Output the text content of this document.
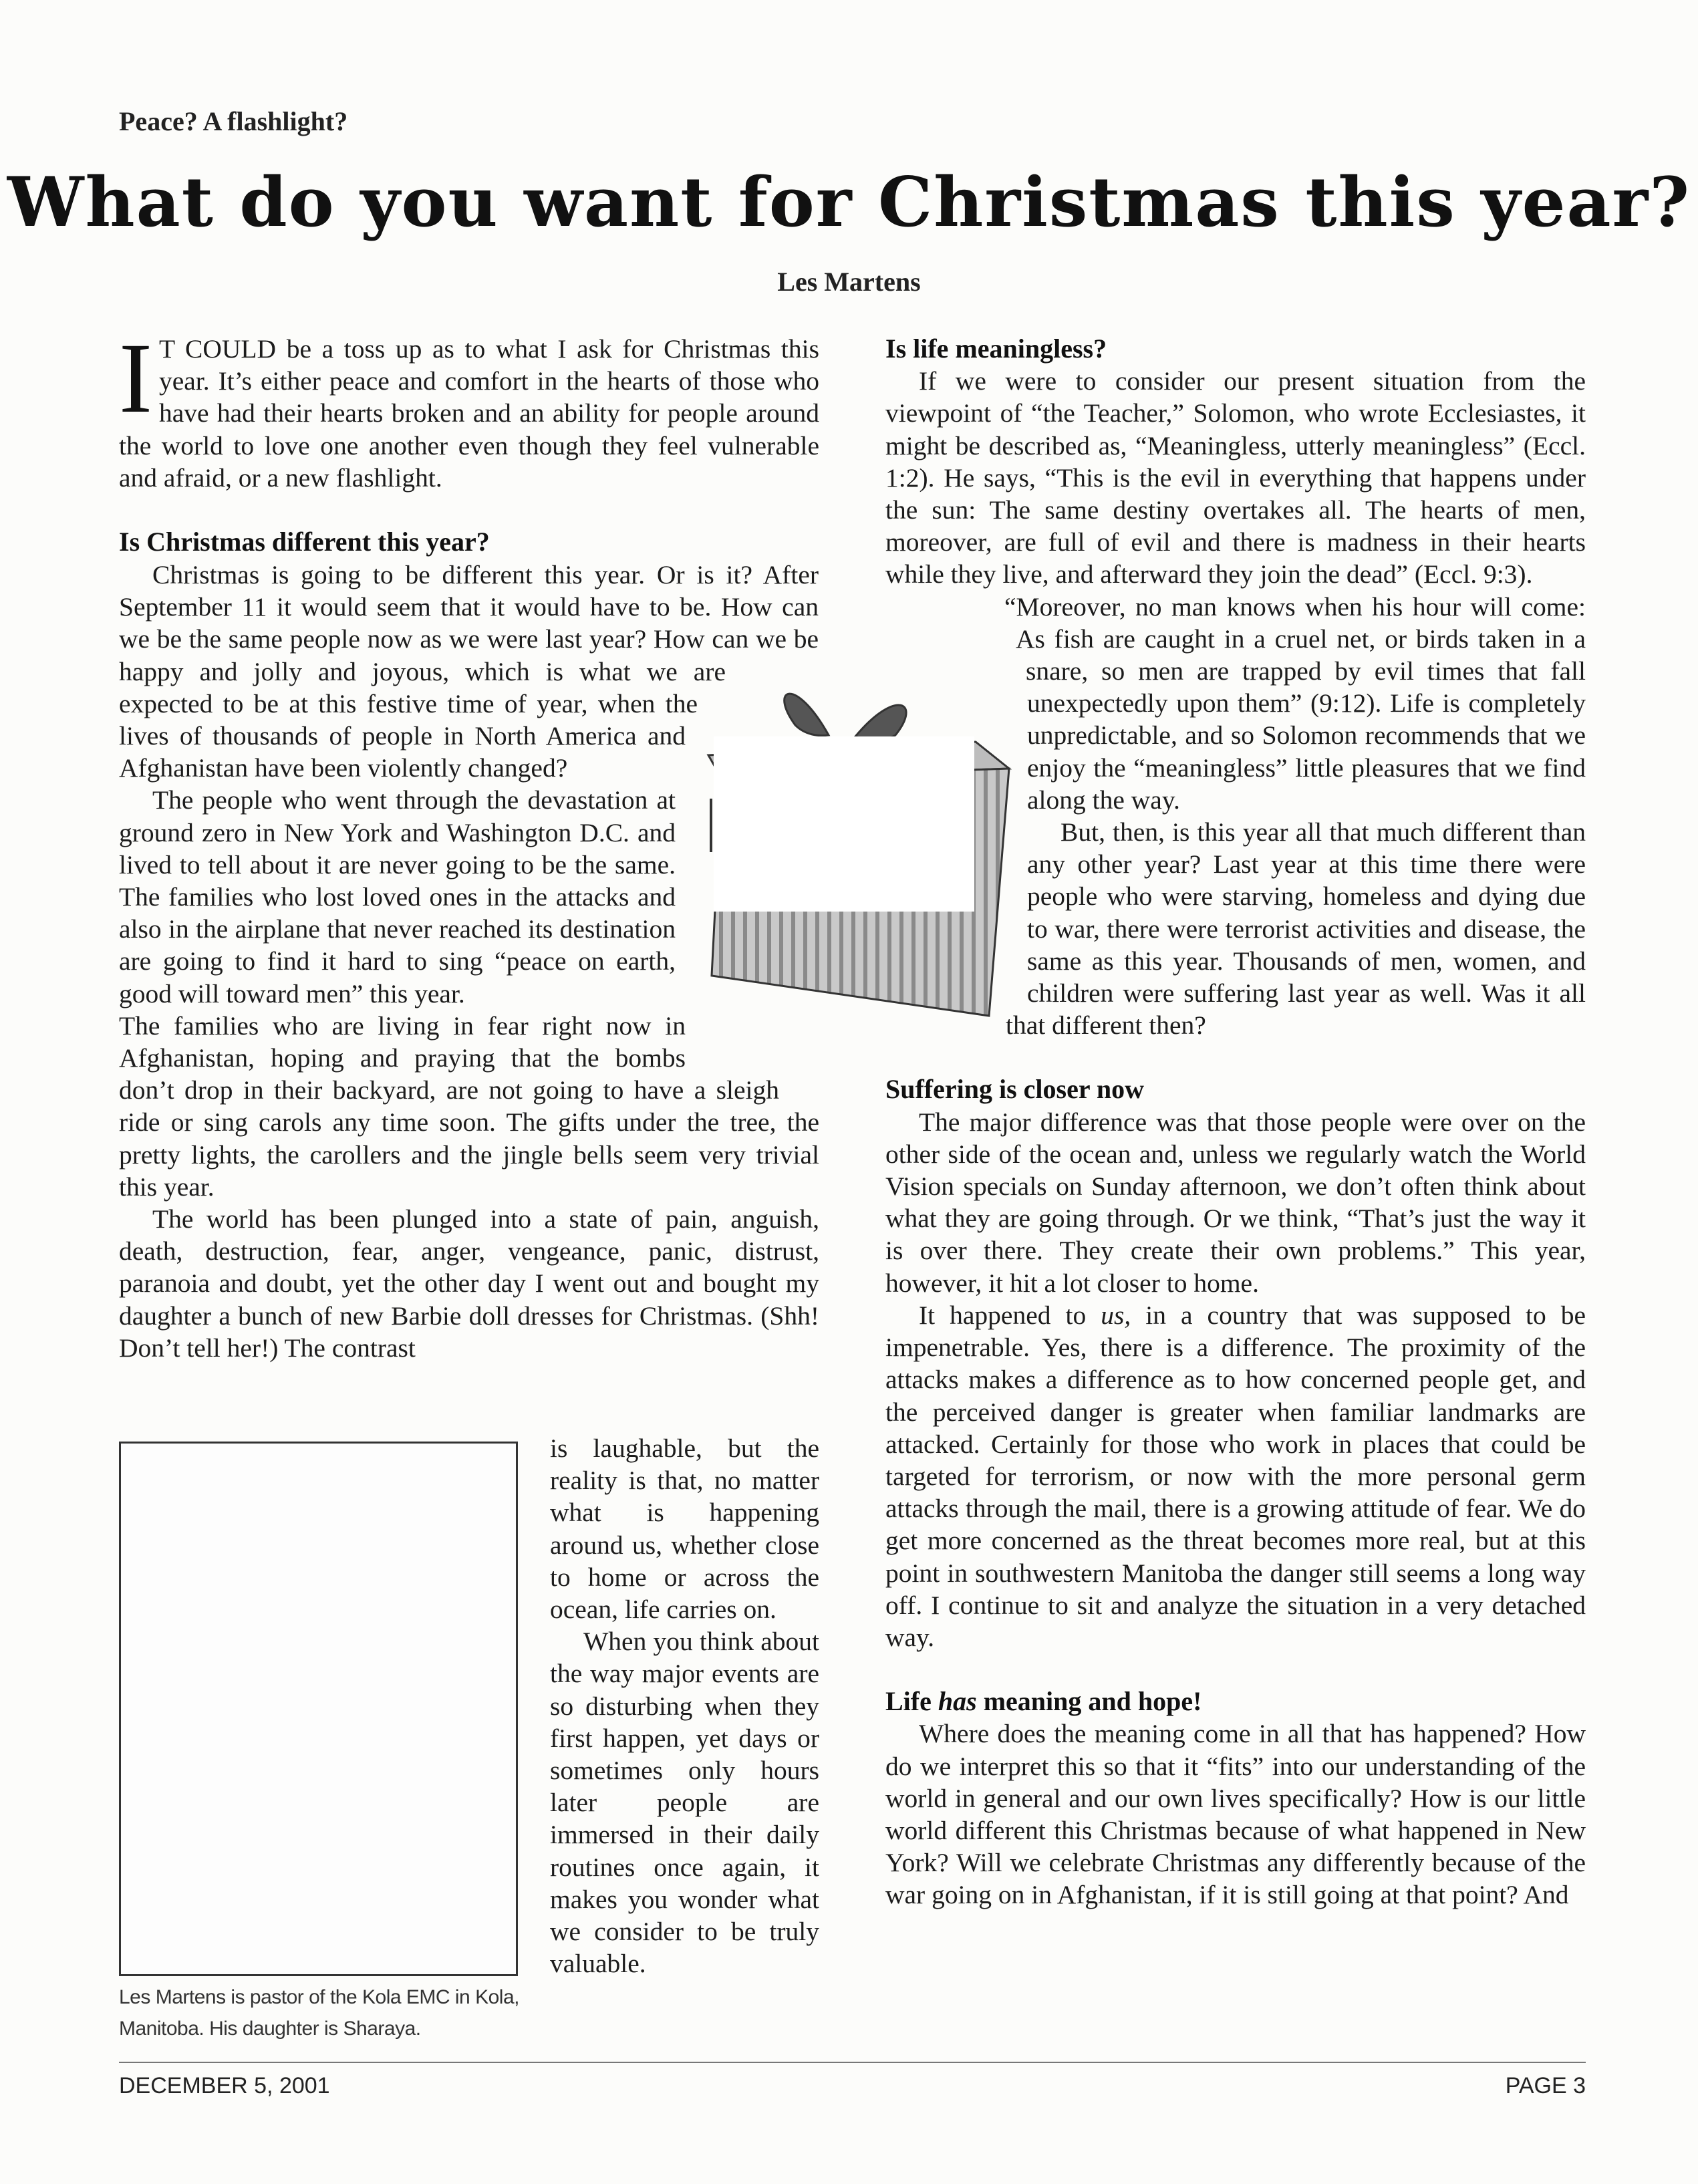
Peace? A flashlight?
What do you want for Christmas this year?
Les Martens

I T COULD be a toss up as to what I ask for Christmas this year. It’s either peace and comfort in the hearts of those who have had their hearts broken and an ability for people around the world to love one another even though they feel vulnerable and afraid, or a new flashlight.

Is Christmas different this year?

Christmas is going to be different this year. Or is it? After September 11 it would seem that it would have to be. How can we be the same people now as we were last year? How can we be happy and jolly and joyous, which is what we are expected to be at this festive time of year, when the lives of thousands of people in North America and Afghanistan have been violently changed?

The people who went through the devastation at ground zero in New York and Washington D.C. and lived to tell about it are never going to be the same. The families who lost loved ones in the attacks and also in the airplane that never reached its destination are going to find it hard to sing “peace on earth, good will toward men” this year.

The families who are living in fear right now in Afghanistan, hoping and praying that the bombs don’t drop in their backyard, are not going to have a sleigh ride or sing carols any time soon. The gifts under the tree, the pretty lights, the carollers and the jingle bells seem very trivial this year.

The world has been plunged into a state of pain, anguish, death, destruction, fear, anger, vengeance, panic, distrust, paranoia and doubt, yet the other day I went out and bought my daughter a bunch of new Barbie doll dresses for Christmas. (Shh! Don’t tell her!) The contrast

is laughable, but the reality is that, no matter what is happening around us, whether close to home or across the ocean, life carries on.

When you think about the way major events are so disturbing when they first happen, yet days or sometimes only hours later people are immersed in their daily routines once again, it makes you wonder what we consider to be truly valuable.

Les Martens is pastor of the Kola EMC in Kola, Manitoba. His daughter is Sharaya.
Is life meaningless?

If we were to consider our present situation from the viewpoint of “the Teacher,” Solomon, who wrote Ecclesiastes, it might be described as, “Meaningless, utterly meaningless” (Eccl. 1:2). He says, “This is the evil in everything that happens under the sun: The same destiny overtakes all. The hearts of men, moreover, are full of evil and there is madness in their hearts while they live, and afterward they join the dead” (Eccl. 9:3).

“Moreover, no man knows when his hour will come: As fish are caught in a cruel net, or birds taken in a snare, so men are trapped by evil times that fall unexpectedly upon them” (9:12). Life is completely unpredictable, and so Solomon recommends that we enjoy the “meaningless” little pleasures that we find along the way.

But, then, is this year all that much different than any other year? Last year at this time there were people who were starving, homeless and dying due to war, there were terrorist activities and disease, the same as this year. Thousands of men, women, and children were suffering last year as well. Was it all that different then?

Suffering is closer now

The major difference was that those people were over on the other side of the ocean and, unless we regularly watch the World Vision specials on Sunday afternoon, we don’t often think about what they are going through. Or we think, “That’s just the way it is over there. They create their own problems.” This year, however, it hit a lot closer to home.

It happened to us, in a country that was supposed to be impenetrable. Yes, there is a difference. The proximity of the attacks makes a difference as to how concerned people get, and the perceived danger is greater when familiar landmarks are attacked. Certainly for those who work in places that could be targeted for terrorism, or now with the more personal germ attacks through the mail, there is a growing attitude of fear. We do get more concerned as the threat becomes more real, but at this point in southwestern Manitoba the danger still seems a long way off. I continue to sit and analyze the situation in a very detached way.

Life has meaning and hope!

Where does the meaning come in all that has happened? How do we interpret this so that it “fits” into our understanding of the world in general and our own lives specifically? How is our little world different this Christmas because of what happened in New York? Will we celebrate Christmas any differently because of the war going on in Afghanistan, if it is still going at that point? And

DECEMBER 5, 2001	PAGE 3
